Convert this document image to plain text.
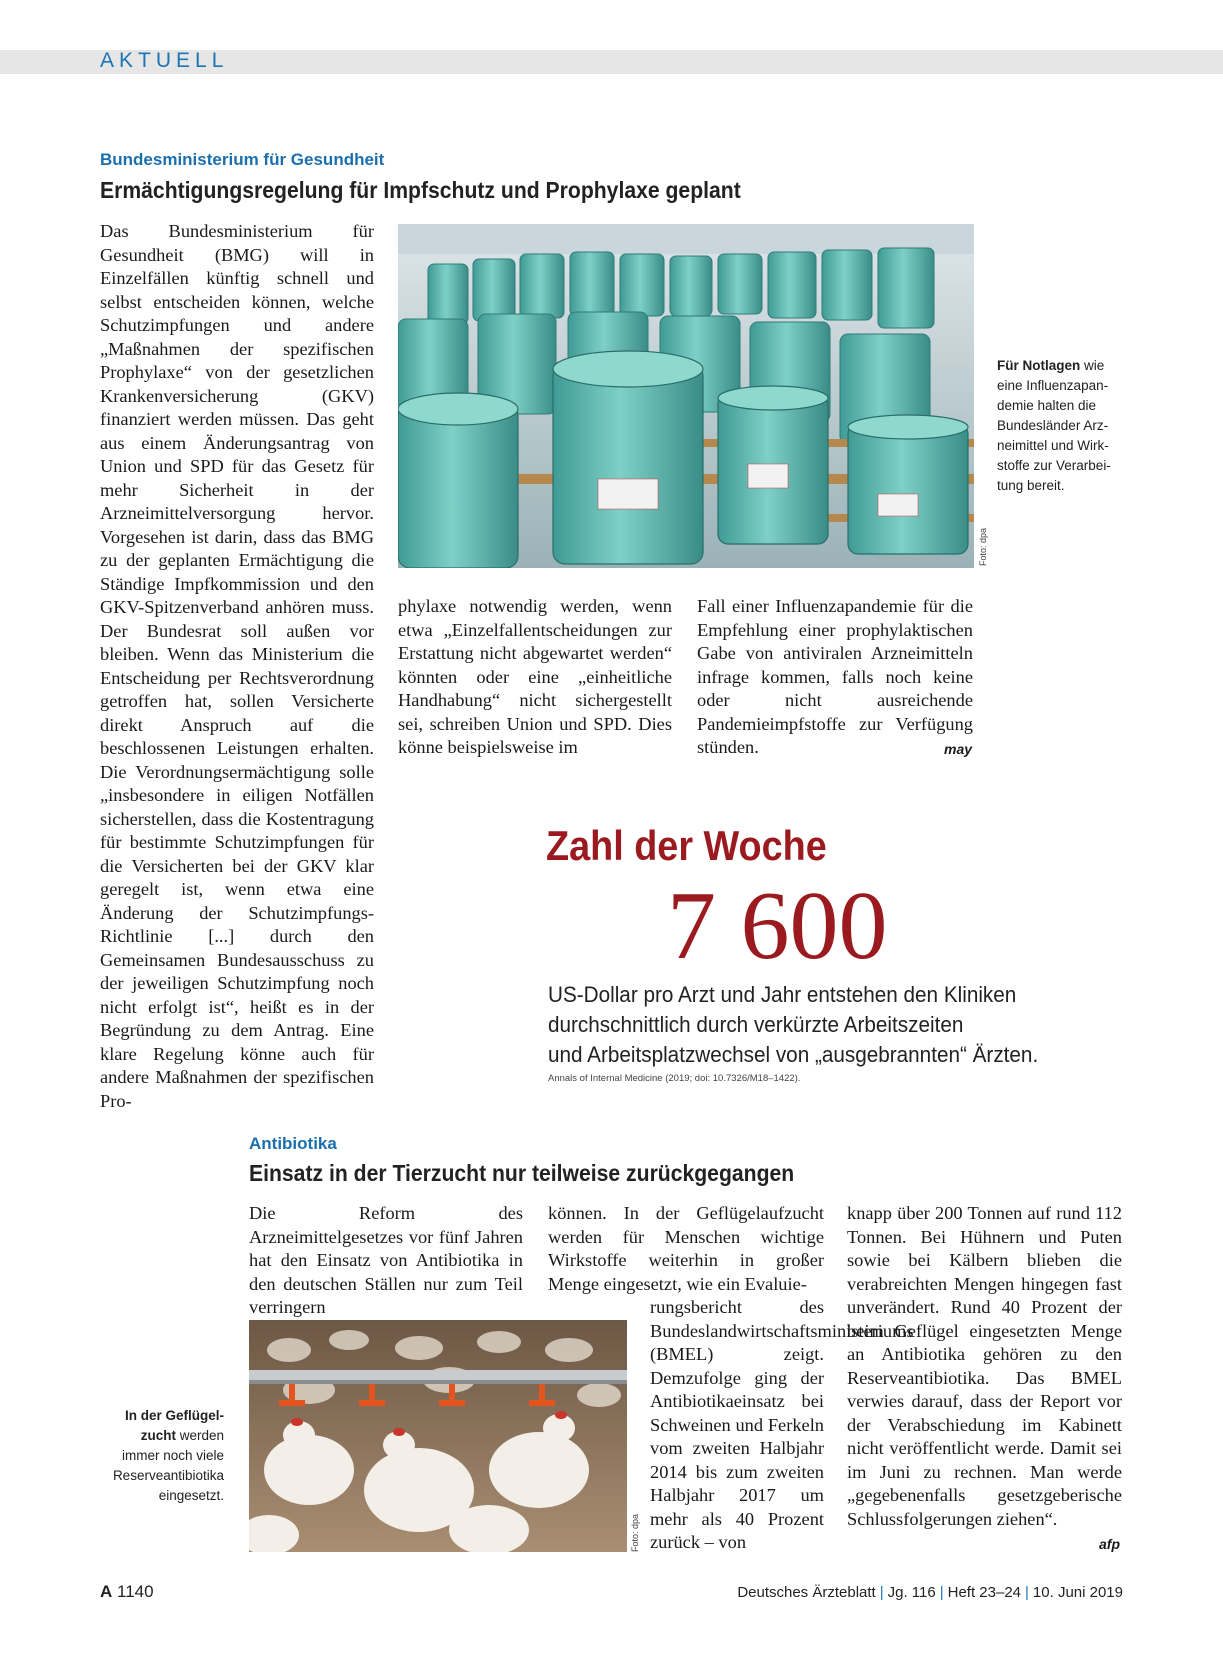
AKTUELL
Bundesministerium für Gesundheit
Ermächtigungsregelung für Impfschutz und Prophylaxe geplant
Das Bundesministerium für Gesundheit (BMG) will in Einzelfällen künftig schnell und selbst entscheiden können, welche Schutzimpfungen und andere „Maßnahmen der spezifischen Prophylaxe“ von der gesetzlichen Krankenversicherung (GKV) finanziert werden müssen. Das geht aus einem Änderungsantrag von Union und SPD für das Gesetz für mehr Sicherheit in der Arzneimittelversorgung hervor. Vorgesehen ist darin, dass das BMG zu der geplanten Ermächtigung die Ständige Impfkommission und den GKV-Spitzenverband anhören muss. Der Bundesrat soll außen vor bleiben. Wenn das Ministerium die Entscheidung per Rechtsverordnung getroffen hat, sollen Versicherte direkt Anspruch auf die beschlossenen Leistungen erhalten. Die Verordnungsermächtigung solle „insbesondere in eiligen Notfällen sicherstellen, dass die Kostentragung für bestimmte Schutzimpfungen für die Versicherten bei der GKV klar geregelt ist, wenn etwa eine Änderung der Schutzimpfungs-Richtlinie [...] durch den Gemeinsamen Bundesausschuss zu der jeweiligen Schutzimpfung noch nicht erfolgt ist“, heißt es in der Begründung zu dem Antrag. Eine klare Regelung könne auch für andere Maßnahmen der spezifischen Pro-
Foto: dpa
Für Notlagen wie
eine Influenzapan-
demie halten die
Bundesländer Arz-
neimittel und Wirk-
stoffe zur Verarbei-
tung bereit.
phylaxe notwendig werden, wenn etwa „Einzelfallentscheidungen zur Erstattung nicht abgewartet werden“ könnten oder eine „einheitliche Handhabung“ nicht sichergestellt sei, schreiben Union und SPD. Dies könne beispielsweise im
Fall einer Influenzapandemie für die Empfehlung einer prophylaktischen Gabe von antiviralen Arzneimitteln infrage kommen, falls noch keine oder nicht ausreichende Pandemieimpfstoffe zur Verfügung stünden.	may
Zahl der Woche
7 600
US-Dollar pro Arzt und Jahr entstehen den Kliniken
durchschnittlich durch verkürzte Arbeitszeiten
und Arbeitsplatzwechsel von „ausgebrannten“ Ärzten.
Annals of Internal Medicine (2019; doi: 10.7326/M18–1422).
Antibiotika
Einsatz in der Tierzucht nur teilweise zurückgegangen
Die Reform des Arzneimittelgesetzes vor fünf Jahren hat den Einsatz von Antibiotika in den deutschen Ställen nur zum Teil verringern
können. In der Geflügelaufzucht werden für Menschen wichtige Wirkstoffe weiterhin in großer Menge eingesetzt, wie ein Evaluie-
rungsbericht des Bundeslandwirtschaftsministeriums (BMEL) zeigt. Demzufolge ging der Antibiotikaeinsatz bei Schweinen und Ferkeln vom zweiten Halbjahr 2014 bis zum zweiten Halbjahr 2017 um mehr als 40 Prozent zurück – von
knapp über 200 Tonnen auf rund 112 Tonnen. Bei Hühnern und Puten sowie bei Kälbern blieben die verabreichten Mengen hingegen fast unverändert. Rund 40 Prozent der beim Geflügel eingesetzten Menge an Antibiotika gehören zu den Reserveantibiotika. Das BMEL verwies darauf, dass der Report vor der Verabschiedung im Kabinett nicht veröffentlicht werde. Damit sei im Juni zu rechnen. Man werde „gegebenenfalls gesetzgeberische Schlussfolgerungen ziehen“.
afp
Foto: dpa
In der Geflügel-
zucht werden
immer noch viele
Reserveantibiotika
eingesetzt.
A 1140	Deutsches Ärzteblatt | Jg. 116 | Heft 23–24 | 10. Juni 2019
